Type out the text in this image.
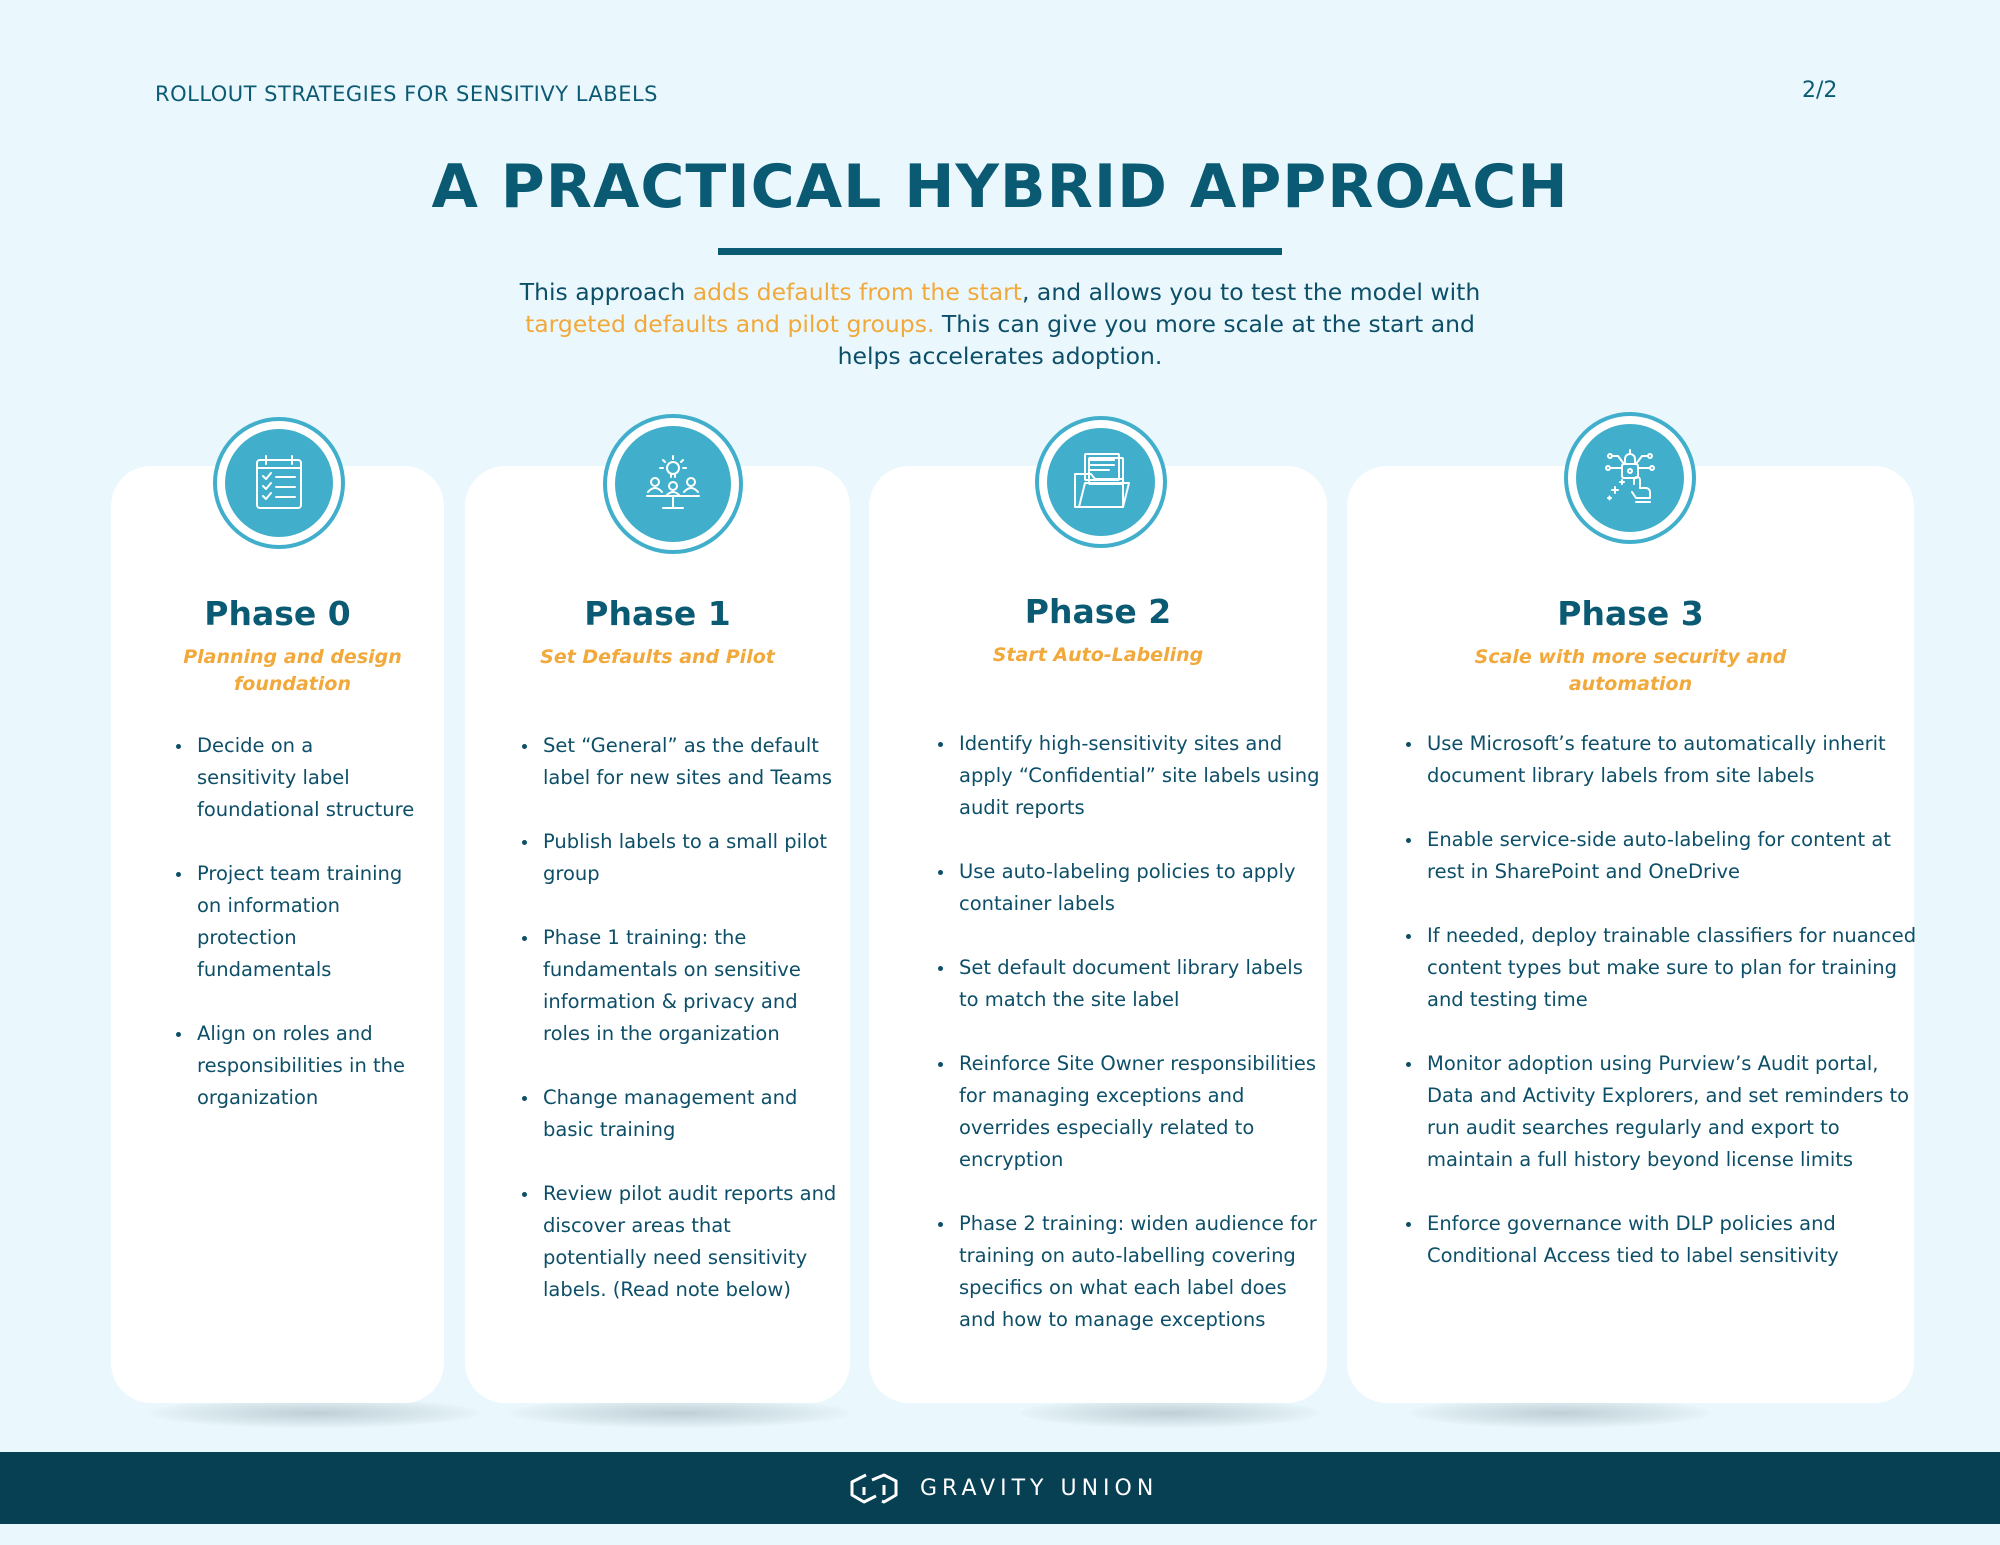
ROLLOUT STRATEGIES FOR SENSITIVY LABELS	2/2
A PRACTICAL HYBRID APPROACH
This approach adds defaults from the start, and allows you to test the model with targeted defaults and pilot groups. This can give you more scale at the start and helps accelerates adoption.
Phase 0
Planning and design foundation
• Decide on a sensitivity label foundational structure
• Project team training on information protection fundamentals
• Align on roles and responsibilities in the organization
Phase 1
Set Defaults and Pilot
• Set “General” as the default label for new sites and Teams
• Publish labels to a small pilot group
• Phase 1 training: the fundamentals on sensitive information & privacy and roles in the organization
• Change management and basic training
• Review pilot audit reports and discover areas that potentially need sensitivity labels. (Read note below)
Phase 2
Start Auto-Labeling
• Identify high-sensitivity sites and apply “Confidential” site labels using audit reports
• Use auto-labeling policies to apply container labels
• Set default document library labels to match the site label
• Reinforce Site Owner responsibilities for managing exceptions and overrides especially related to encryption
• Phase 2 training: widen audience for training on auto-labelling covering specifics on what each label does and how to manage exceptions
Phase 3
Scale with more security and automation
• Use Microsoft’s feature to automatically inherit document library labels from site labels
• Enable service-side auto-labeling for content at rest in SharePoint and OneDrive
• If needed, deploy trainable classifiers for nuanced content types but make sure to plan for training and testing time
• Monitor adoption using Purview’s Audit portal, Data and Activity Explorers, and set reminders to run audit searches regularly and export to maintain a full history beyond license limits
• Enforce governance with DLP policies and Conditional Access tied to label sensitivity
GRAVITY UNION
